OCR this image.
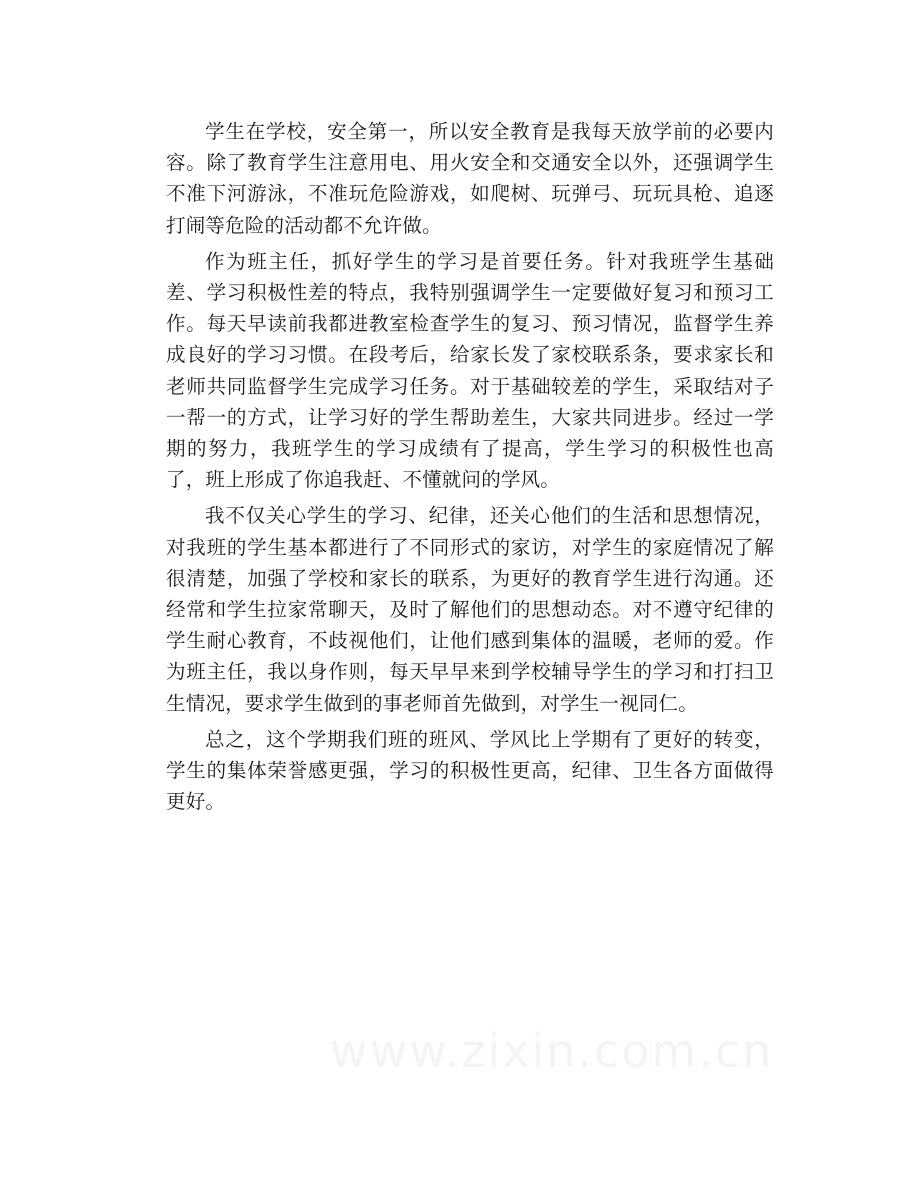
学生在学校，安全第一，所以安全教育是我每天放学前的必要内容。除了教育学生注意用电、用火安全和交通安全以外，还强调学生不准下河游泳，不准玩危险游戏，如爬树、玩弹弓、玩玩具枪、追逐打闹等危险的活动都不允许做。

作为班主任，抓好学生的学习是首要任务。针对我班学生基础差、学习积极性差的特点，我特别强调学生一定要做好复习和预习工作。每天早读前我都进教室检查学生的复习、预习情况，监督学生养成良好的学习习惯。在段考后，给家长发了家校联系条，要求家长和老师共同监督学生完成学习任务。对于基础较差的学生，采取结对子一帮一的方式，让学习好的学生帮助差生，大家共同进步。经过一学期的努力，我班学生的学习成绩有了提高，学生学习的积极性也高了，班上形成了你追我赶、不懂就问的学风。

我不仅关心学生的学习、纪律，还关心他们的生活和思想情况，对我班的学生基本都进行了不同形式的家访，对学生的家庭情况了解很清楚，加强了学校和家长的联系，为更好的教育学生进行沟通。还经常和学生拉家常聊天，及时了解他们的思想动态。对不遵守纪律的学生耐心教育，不歧视他们，让他们感到集体的温暖，老师的爱。作为班主任，我以身作则，每天早早来到学校辅导学生的学习和打扫卫生情况，要求学生做到的事老师首先做到，对学生一视同仁。

总之，这个学期我们班的班风、学风比上学期有了更好的转变，学生的集体荣誉感更强，学习的积极性更高，纪律、卫生各方面做得更好。

www.zixin.com.cn
